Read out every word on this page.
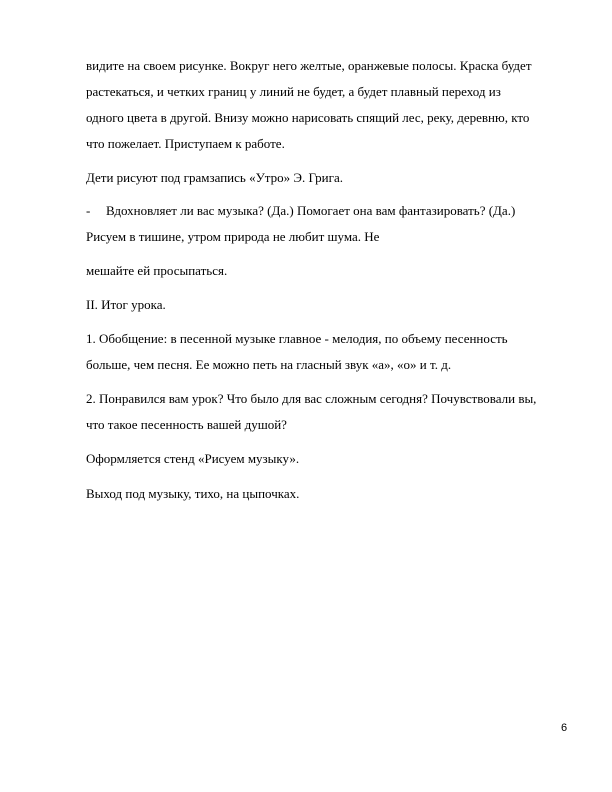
видите на своем рисунке. Вокруг него желтые, оранжевые полосы. Краска будет
растекаться, и четких границ у линий не будет, а будет плавный переход из
одного цвета в другой. Внизу можно нарисовать спящий лес, реку, деревню, кто
что пожелает. Приступаем к работе.
Дети рисуют под грамзапись «Утро» Э. Грига.
- Вдохновляет ли вас музыка? (Да.) Помогает она вам фантазировать? (Да.)
Рисуем в тишине, утром природа не любит шума. Не
мешайте ей просыпаться.
II. Итог урока.
1. Обобщение: в песенной музыке главное - мелодия, по объему песенность
больше, чем песня. Ее можно петь на гласный звук «а», «о» и т. д.
2. Понравился вам урок? Что было для вас сложным сегодня? Почувствовали вы,
что такое песенность вашей душой?
Оформляется стенд «Рисуем музыку».
Выход под музыку, тихо, на цыпочках.
6
